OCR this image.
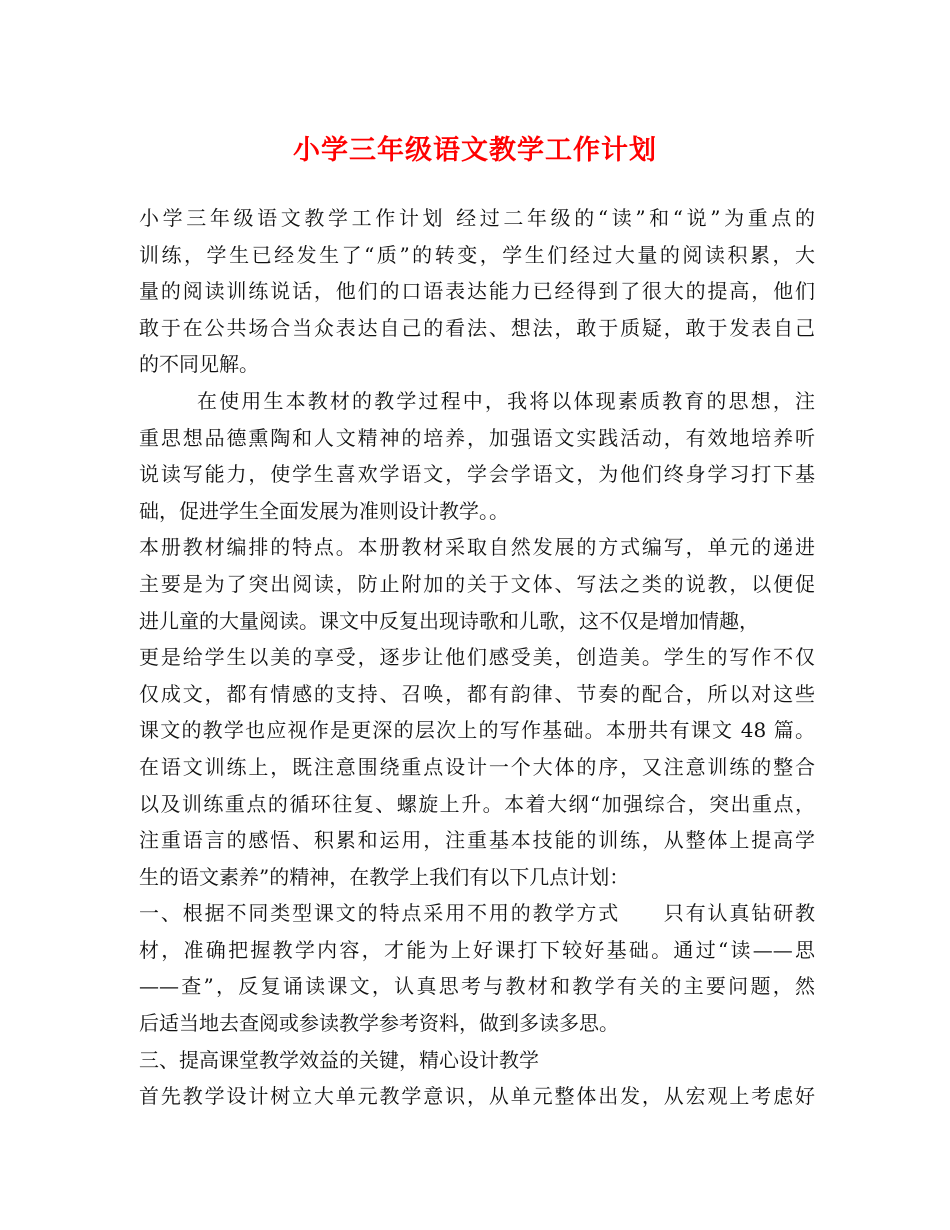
小学三年级语文教学工作计划
小学三年级语文教学工作计划 经过二年级的“读”和“说”为重点的
训练，学生已经发生了“质”的转变，学生们经过大量的阅读积累，大
量的阅读训练说话，他们的口语表达能力已经得到了很大的提高，他们
敢于在公共场合当众表达自己的看法、想法，敢于质疑，敢于发表自己
的不同见解。
在使用生本教材的教学过程中，我将以体现素质教育的思想，注
重思想品德熏陶和人文精神的培养，加强语文实践活动，有效地培养听
说读写能力，使学生喜欢学语文，学会学语文，为他们终身学习打下基
础，促进学生全面发展为准则设计教学。。
本册教材编排的特点。本册教材采取自然发展的方式编写，单元的递进
主要是为了突出阅读，防止附加的关于文体、写法之类的说教，以便促
进儿童的大量阅读。课文中反复出现诗歌和儿歌，这不仅是增加情趣，
更是给学生以美的享受，逐步让他们感受美，创造美。学生的写作不仅
仅成文，都有情感的支持、召唤，都有韵律、节奏的配合，所以对这些
课文的教学也应视作是更深的层次上的写作基础。本册共有课文 48 篇。
在语文训练上，既注意围绕重点设计一个大体的序，又注意训练的整合
以及训练重点的循环往复、螺旋上升。本着大纲“加强综合，突出重点，
注重语言的感悟、积累和运用，注重基本技能的训练，从整体上提高学
生的语文素养”的精神，在教学上我们有以下几点计划：
一、根据不同类型课文的特点采用不用的教学方式　　只有认真钻研教
材，准确把握教学内容，才能为上好课打下较好基础。通过“读——思
——查”，反复诵读课文，认真思考与教材和教学有关的主要问题，然
后适当地去查阅或参读教学参考资料，做到多读多思。
三、提高课堂教学效益的关键，精心设计教学
首先教学设计树立大单元教学意识，从单元整体出发，从宏观上考虑好
